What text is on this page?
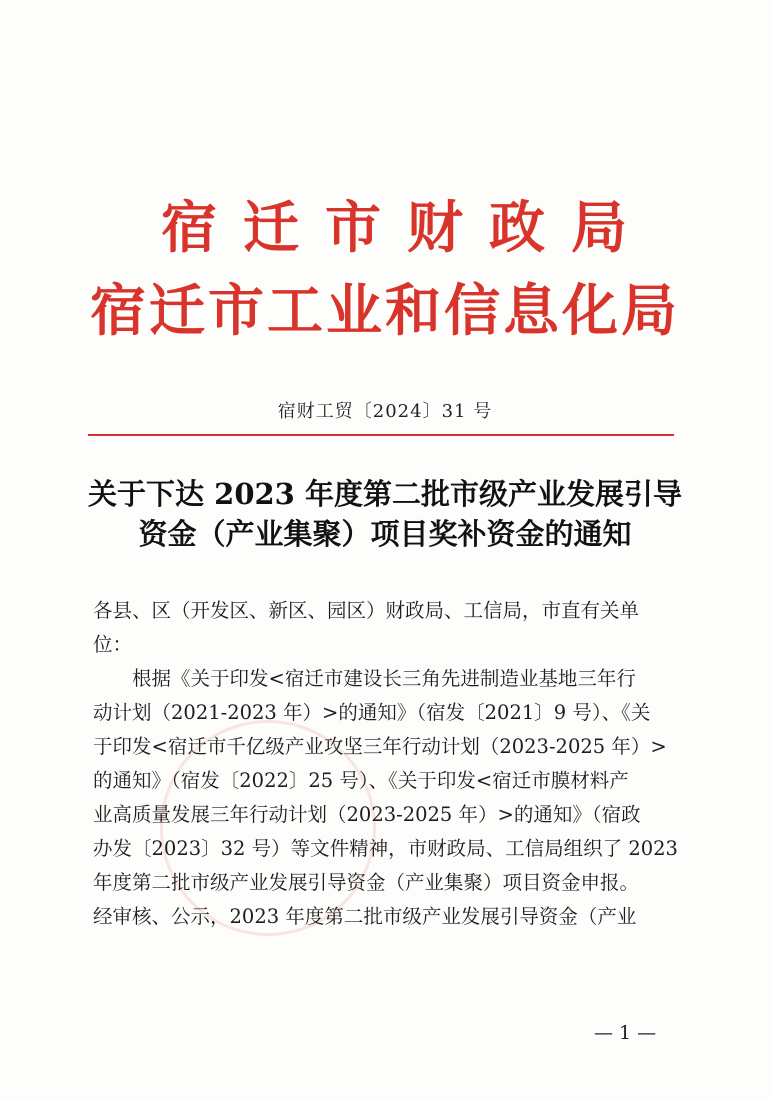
宿迁市财政局
宿迁市工业和信息化局
宿财工贸〔2024〕31 号
关于下达 2023 年度第二批市级产业发展引导
资金（产业集聚）项目奖补资金的通知
各县、区（开发区、新区、园区）财政局、工信局，市直有关单
位：
　　根据《关于印发<宿迁市建设长三角先进制造业基地三年行
动计划（2021-2023 年）>的通知》（宿发〔2021〕9 号）、《关
于印发<宿迁市千亿级产业攻坚三年行动计划（2023-2025 年）>
的通知》（宿发〔2022〕25 号）、《关于印发<宿迁市膜材料产
业高质量发展三年行动计划（2023-2025 年）>的通知》（宿政
办发〔2023〕32 号）等文件精神，市财政局、工信局组织了 2023
年度第二批市级产业发展引导资金（产业集聚）项目资金申报。
经审核、公示，2023 年度第二批市级产业发展引导资金（产业
— 1 —
